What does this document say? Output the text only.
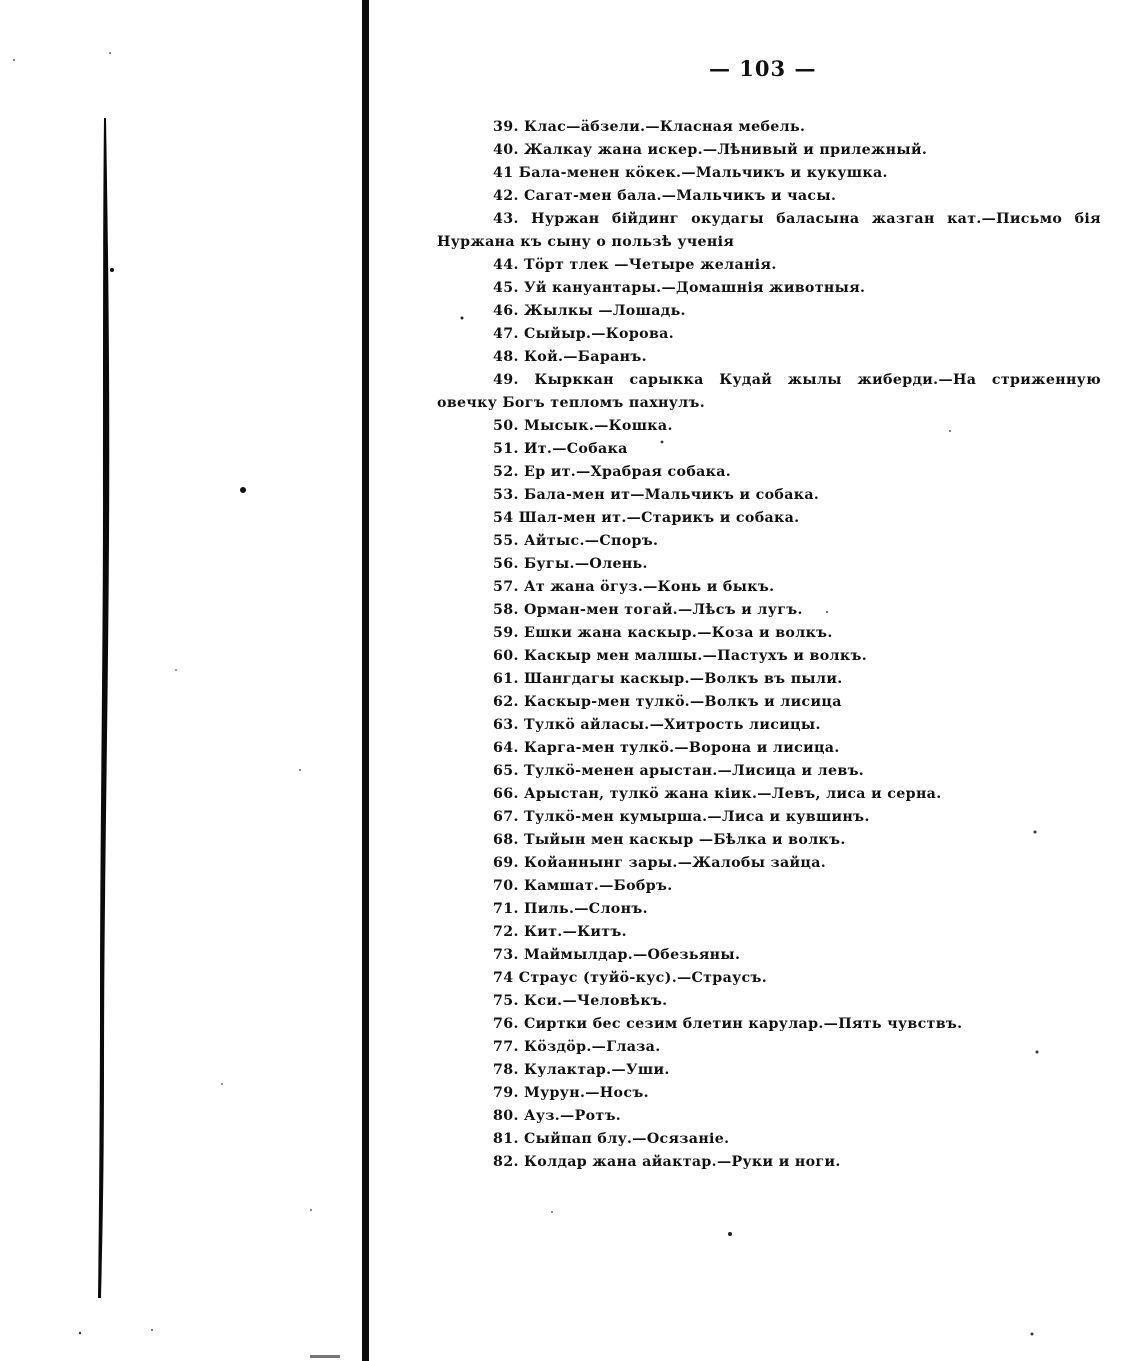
— 103 —
39. Клас—äбзели.—Класная мебель.
40. Жалкау жана искер.—Лѣнивый и прилежный.
41 Бала-менен кöкек.—Мальчикъ и кукушка.
42. Сагат-мен бала.—Мальчикъ и часы.
43. Нуржан бiйдинг окудагы баласына жазган кат.—Письмо бiя Нуржана къ сыну о пользѣ ученiя
44. Тöрт тлек —Четыре желанiя.
45. Уй кануантары.—Домашнiя животныя.
46. Жылкы —Лошадь.
47. Сыйыр.—Корова.
48. Кой.—Баранъ.
49. Кырккан сарыкка Кудай жылы жиберди.—На стриженную овечку Богъ тепломъ пахнулъ.
50. Мысык.—Кошка.
51. Ит.—Собака
52. Ер ит.—Храбрая собака.
53. Бала-мен ит—Мальчикъ и собака.
54 Шал-мен ит.—Старикъ и собака.
55. Айтыс.—Споръ.
56. Бугы.—Олень.
57. Ат жана öгуз.—Конь и быкъ.
58. Орман-мен тогай.—Лѣсъ и лугъ.
59. Ешки жана каскыр.—Коза и волкъ.
60. Каскыр мен малшы.—Пастухъ и волкъ.
61. Шангдагы каскыр.—Волкъ въ пыли.
62. Каскыр-мен тулкö.—Волкъ и лисица
63. Тулкö айласы.—Хитрость лисицы.
64. Карга-мен тулкö.—Ворона и лисица.
65. Тулкö-менен арыстан.—Лисица и левъ.
66. Арыстан, тулкö жана кiик.—Левъ, лиса и серна.
67. Тулкö-мен кумырша.—Лиса и кувшинъ.
68. Тыйын мен каскыр —Бѣлка и волкъ.
69. Койаннынг зары.—Жалобы зайца.
70. Камшат.—Бобръ.
71. Пиль.—Слонъ.
72. Кит.—Китъ.
73. Маймылдар.—Обезьяны.
74 Страус (туйö-кус).—Страусъ.
75. Кси.—Человѣкъ.
76. Сиртки бес сезим блетин карулар.—Пять чувствъ.
77. Кöздöр.—Глаза.
78. Кулактар.—Уши.
79. Мурун.—Носъ.
80. Ауз.—Ротъ.
81. Сыйпап блу.—Осязанiе.
82. Колдар жана айактар.—Руки и ноги.
